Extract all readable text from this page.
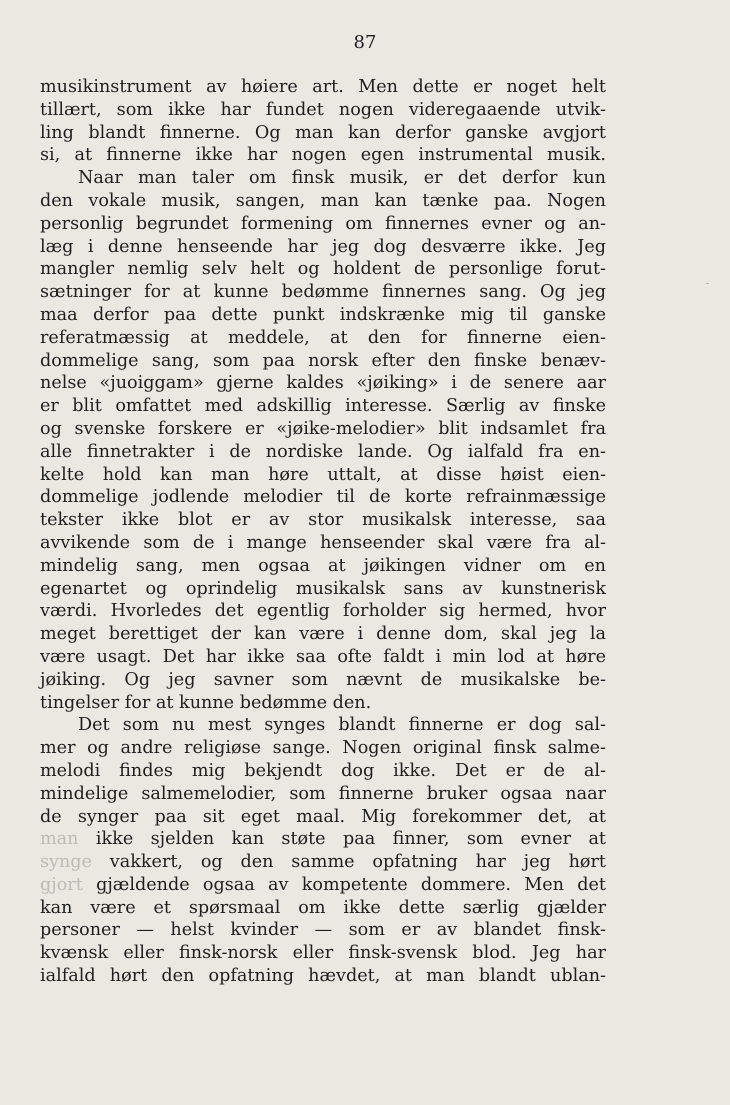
87
musikinstrument av høiere art. Men dette er noget helt
tillært, som ikke har fundet nogen videregaaende utvik-
ling blandt finnerne. Og man kan derfor ganske avgjort
si, at finnerne ikke har nogen egen instrumental musik.
Naar man taler om finsk musik, er det derfor kun
den vokale musik, sangen, man kan tænke paa. Nogen
personlig begrundet formening om finnernes evner og an-
læg i denne henseende har jeg dog desværre ikke. Jeg
mangler nemlig selv helt og holdent de personlige forut-
sætninger for at kunne bedømme finnernes sang. Og jeg
maa derfor paa dette punkt indskrænke mig til ganske
referatmæssig at meddele, at den for finnerne eien-
dommelige sang, som paa norsk efter den finske benæv-
nelse «juoiggam» gjerne kaldes «jøiking» i de senere aar
er blit omfattet med adskillig interesse. Særlig av finske
og svenske forskere er «jøike-melodier» blit indsamlet fra
alle finnetrakter i de nordiske lande. Og ialfald fra en-
kelte hold kan man høre uttalt, at disse høist eien-
dommelige jodlende melodier til de korte refrainmæssige
tekster ikke blot er av stor musikalsk interesse, saa
avvikende som de i mange henseender skal være fra al-
mindelig sang, men ogsaa at jøikingen vidner om en
egenartet og oprindelig musikalsk sans av kunstnerisk
værdi. Hvorledes det egentlig forholder sig hermed, hvor
meget berettiget der kan være i denne dom, skal jeg la
være usagt. Det har ikke saa ofte faldt i min lod at høre
jøiking. Og jeg savner som nævnt de musikalske be-
tingelser for at kunne bedømme den.
Det som nu mest synges blandt finnerne er dog sal-
mer og andre religiøse sange. Nogen original finsk salme-
melodi findes mig bekjendt dog ikke. Det er de al-
mindelige salmemelodier, som finnerne bruker ogsaa naar
de synger paa sit eget maal. Mig forekommer det, at
man ikke sjelden kan støte paa finner, som evner at
synge vakkert, og den samme opfatning har jeg hørt
gjort gjældende ogsaa av kompetente dommere. Men det
kan være et spørsmaal om ikke dette særlig gjælder
personer — helst kvinder — som er av blandet finsk-
kvænsk eller finsk-norsk eller finsk-svensk blod. Jeg har
ialfald hørt den opfatning hævdet, at man blandt ublan-
